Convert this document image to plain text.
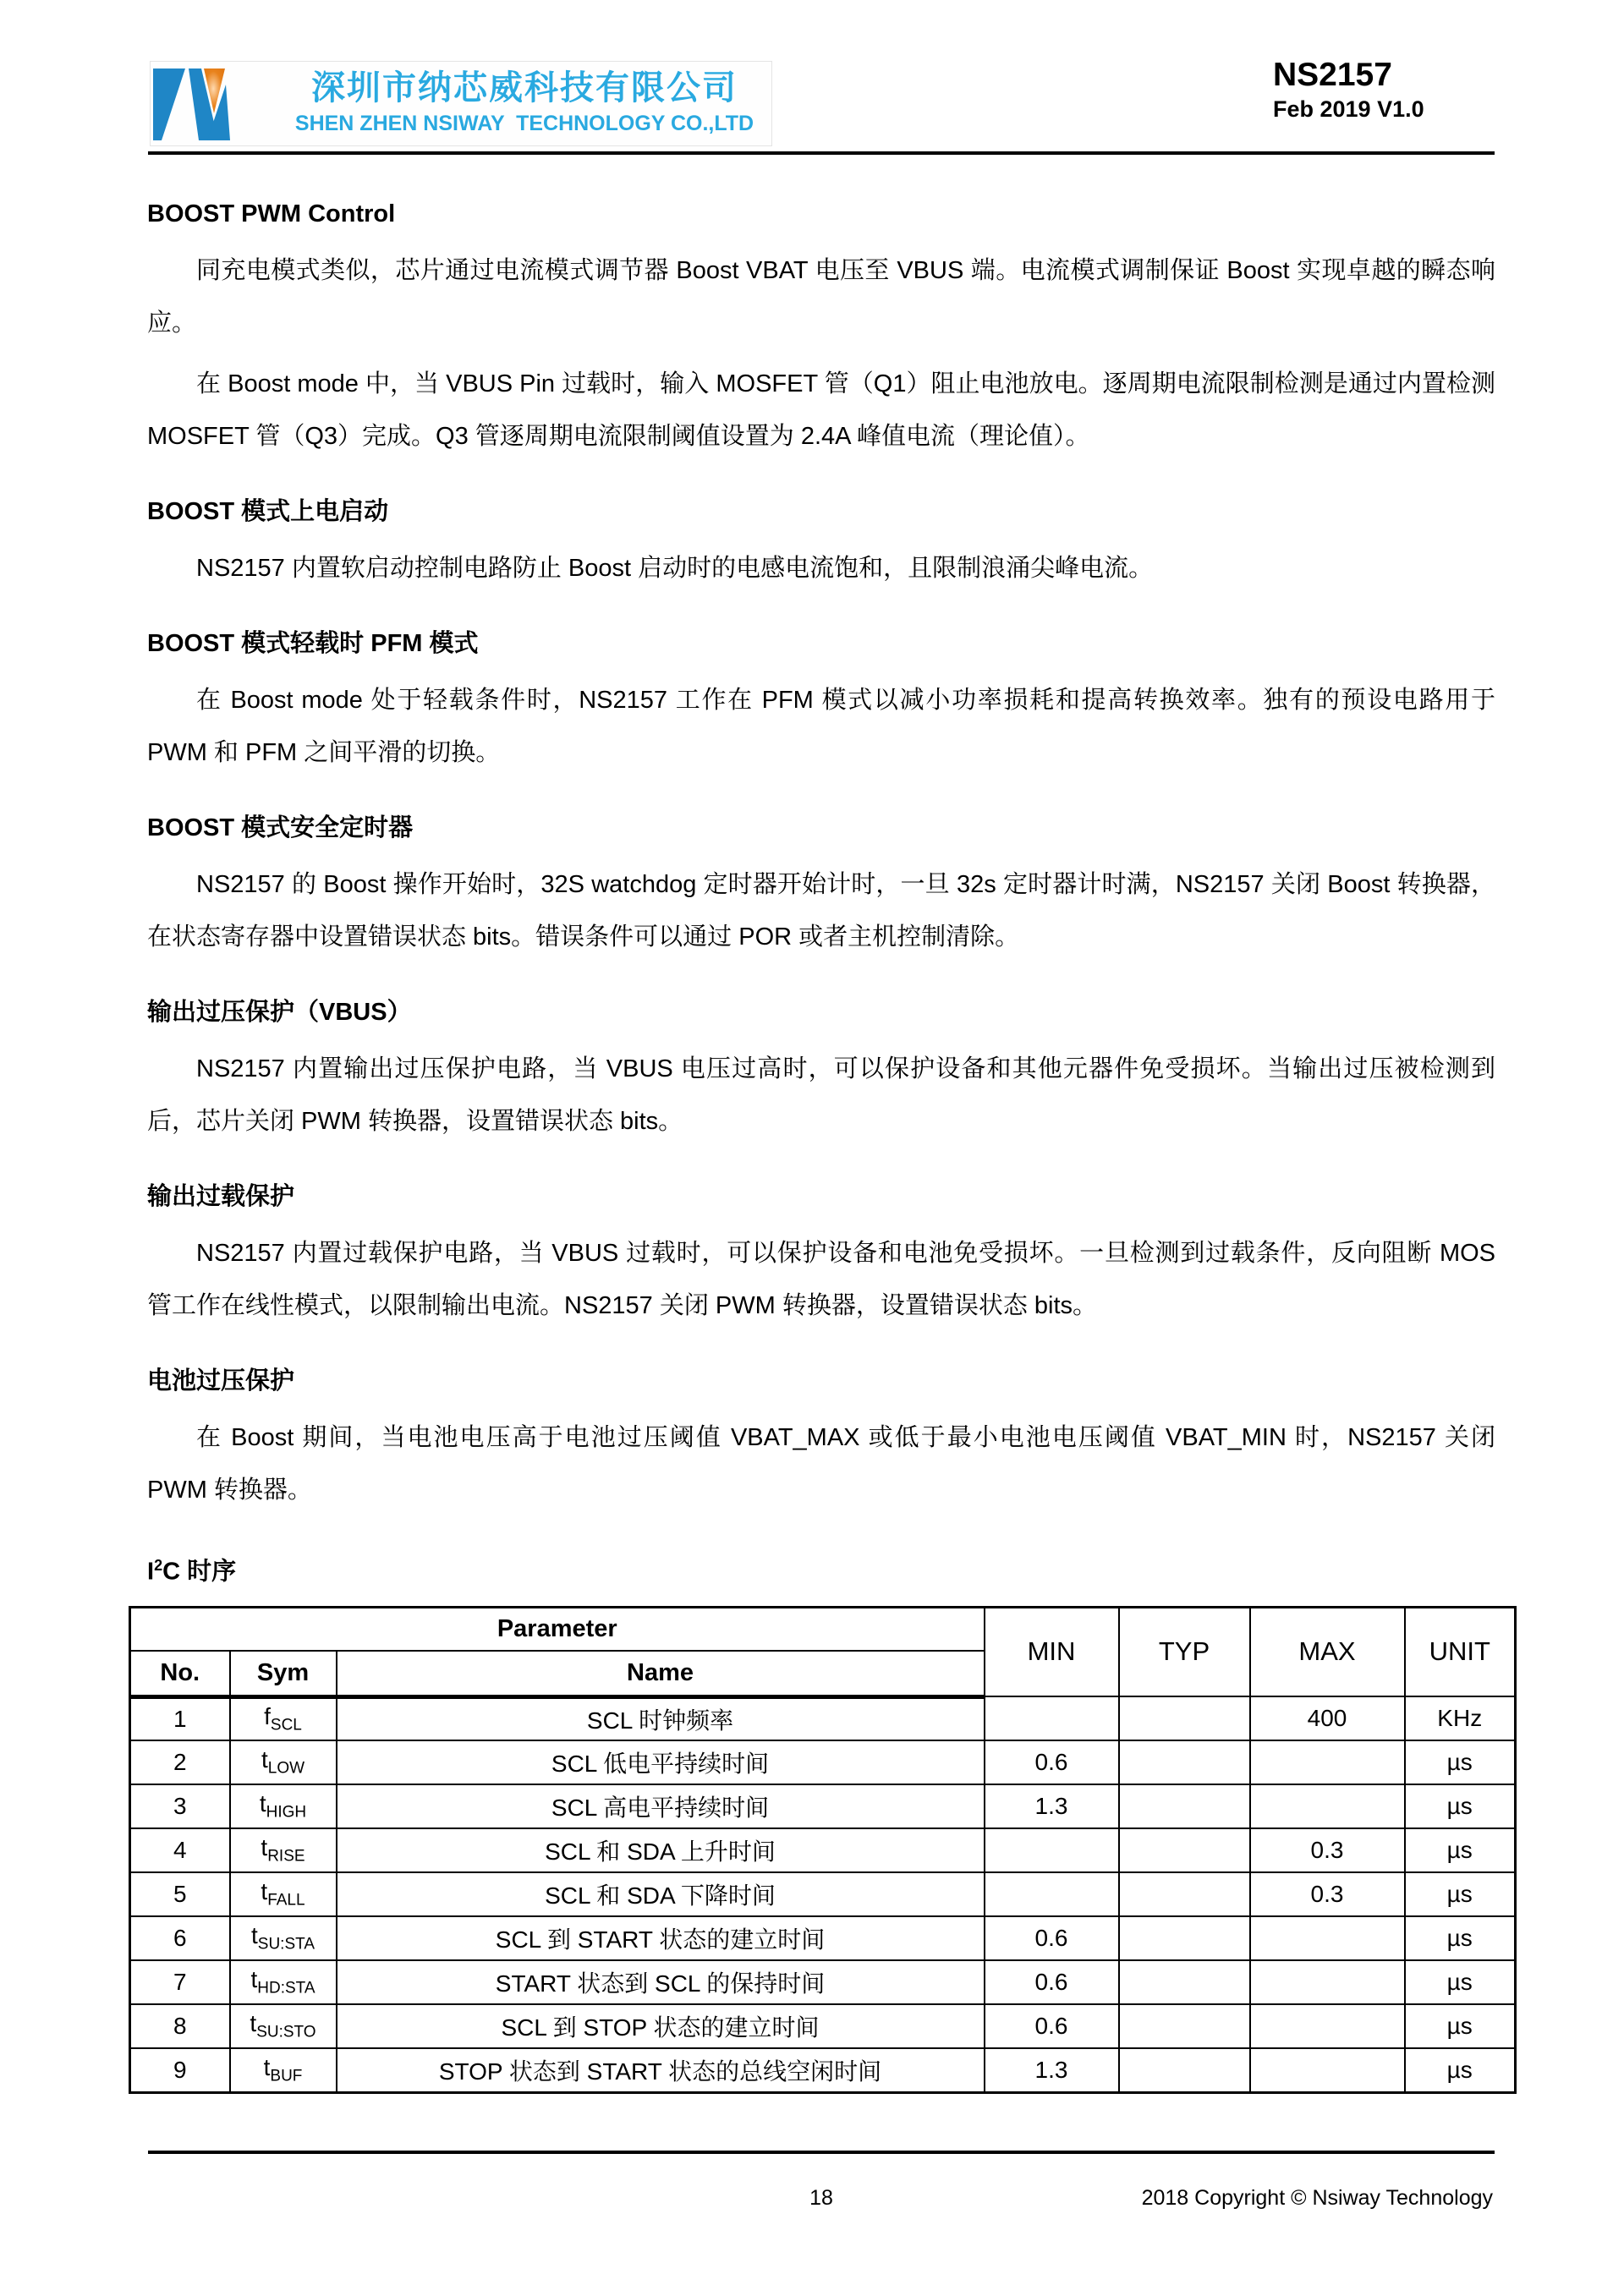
深圳市纳芯威科技有限公司
SHEN ZHEN NSIWAY  TECHNOLOGY CO.,LTD
NS2157
Feb 2019 V1.0
BOOST PWM Control

同充电模式类似，芯片通过电流模式调节器 Boost VBAT 电压至 VBUS 端。电流模式调制保证 Boost 实现卓越的瞬态响应。

在 Boost mode 中，当 VBUS Pin 过载时，输入 MOSFET 管（Q1）阻止电池放电。逐周期电流限制检测是通过内置检测 MOSFET 管（Q3）完成。Q3 管逐周期电流限制阈值设置为 2.4A 峰值电流（理论值）。

BOOST 模式上电启动

NS2157 内置软启动控制电路防止 Boost 启动时的电感电流饱和，且限制浪涌尖峰电流。

BOOST 模式轻载时 PFM 模式

在 Boost mode 处于轻载条件时，NS2157 工作在 PFM 模式以减小功率损耗和提高转换效率。独有的预设电路用于 PWM 和 PFM 之间平滑的切换。

BOOST 模式安全定时器

NS2157 的 Boost 操作开始时，32S watchdog 定时器开始计时，一旦 32s 定时器计时满，NS2157 关闭 Boost 转换器，在状态寄存器中设置错误状态 bits。错误条件可以通过 POR 或者主机控制清除。

输出过压保护（VBUS）

NS2157 内置输出过压保护电路，当 VBUS 电压过高时，可以保护设备和其他元器件免受损坏。当输出过压被检测到后，芯片关闭 PWM 转换器，设置错误状态 bits。

输出过载保护

NS2157 内置过载保护电路，当 VBUS 过载时，可以保护设备和电池免受损坏。一旦检测到过载条件，反向阻断 MOS 管工作在线性模式，以限制输出电流。NS2157 关闭 PWM 转换器，设置错误状态 bits。

电池过压保护

在 Boost 期间，当电池电压高于电池过压阈值 VBAT_MAX 或低于最小电池电压阈值 VBAT_MIN 时，NS2157 关闭 PWM 转换器。

$I^2C$ 时序
Parameter			MIN	TYP	MAX	UNIT
No.	Sym	Name				
1	$f_{SCL}$	SCL 时钟频率			400	KHz
2	$t_{LOW}$	SCL 低电平持续时间	0.6			µs
3	$t_{HIGH}$	SCL 高电平持续时间	1.3			µs
4	$t_{RISE}$	SCL 和 SDA 上升时间			0.3	µs
5	$t_{FALL}$	SCL 和 SDA 下降时间			0.3	µs
6	$t_{SU:STA}$	SCL 到 START 状态的建立时间	0.6			µs
7	$t_{HD:STA}$	START 状态到 SCL 的保持时间	0.6			µs
8	$t_{SU:STO}$	SCL 到 STOP 状态的建立时间	0.6			µs
9	$t_{BUF}$	STOP 状态到 START 状态的总线空闲时间	1.3			µs
18	2018 Copyright © Nsiway Technology
